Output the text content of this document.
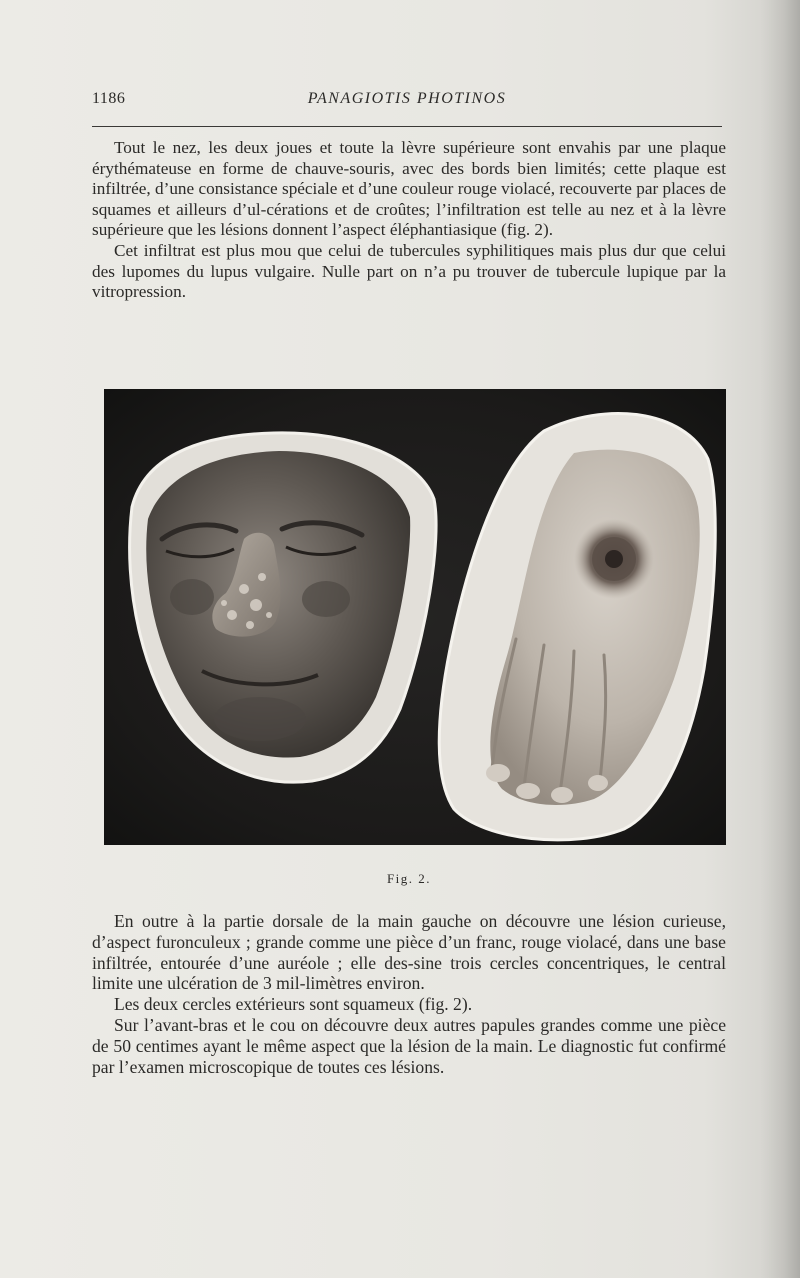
1186	PANAGIOTIS PHOTINOS

Tout le nez, les deux joues et toute la lèvre supérieure sont envahis par une plaque érythémateuse en forme de chauve-souris, avec des bords bien limités; cette plaque est infiltrée, d’une consistance spéciale et d’une couleur rouge violacé, recouverte par places de squames et ailleurs d’ul-cérations et de croûtes; l’infiltration est telle au nez et à la lèvre supérieure que les lésions donnent l’aspect éléphantiasique (fig. 2).

Cet infiltrat est plus mou que celui de tubercules syphilitiques mais plus dur que celui des lupomes du lupus vulgaire. Nulle part on n’a pu trouver de tubercule lupique par la vitropression.

Fig. 2.

En outre à la partie dorsale de la main gauche on découvre une lésion curieuse, d’aspect furonculeux ; grande comme une pièce d’un franc, rouge violacé, dans une base infiltrée, entourée d’une auréole ; elle des-sine trois cercles concentriques, le central limite une ulcération de 3 mil-limètres environ.

Les deux cercles extérieurs sont squameux (fig. 2).

Sur l’avant-bras et le cou on découvre deux autres papules grandes comme une pièce de 50 centimes ayant le même aspect que la lésion de la main. Le diagnostic fut confirmé par l’examen microscopique de toutes ces lésions.
